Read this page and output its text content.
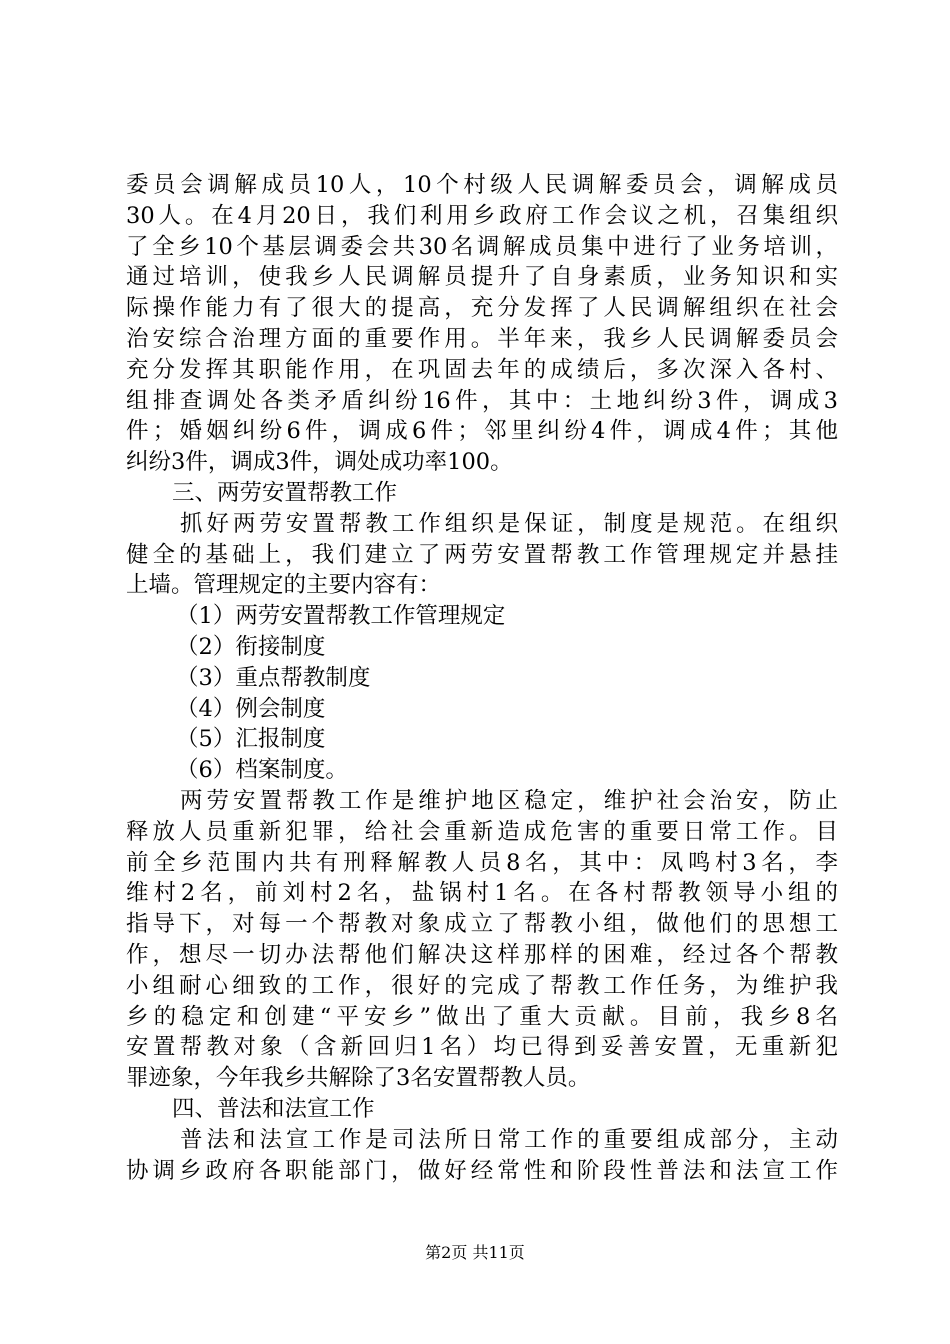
委员会调解成员10人，10个村级人民调解委员会，调解成员
30人。在4月20日，我们利用乡政府工作会议之机，召集组织
了全乡10个基层调委会共30名调解成员集中进行了业务培训，
通过培训，使我乡人民调解员提升了自身素质，业务知识和实
际操作能力有了很大的提高，充分发挥了人民调解组织在社会
治安综合治理方面的重要作用。半年来，我乡人民调解委员会
充分发挥其职能作用，在巩固去年的成绩后，多次深入各村、
组排查调处各类矛盾纠纷16件，其中：土地纠纷3件，调成3
件；婚姻纠纷6件，调成6件；邻里纠纷4件，调成4件；其他
纠纷3件，调成3件，调处成功率100。
三、两劳安置帮教工作
抓好两劳安置帮教工作组织是保证，制度是规范。在组织
健全的基础上，我们建立了两劳安置帮教工作管理规定并悬挂
上墙。管理规定的主要内容有：
（1）两劳安置帮教工作管理规定
（2）衔接制度
（3）重点帮教制度
（4）例会制度
（5）汇报制度
（6）档案制度。
两劳安置帮教工作是维护地区稳定，维护社会治安，防止
释放人员重新犯罪，给社会重新造成危害的重要日常工作。目
前全乡范围内共有刑释解教人员8名，其中：凤鸣村3名，李
维村2名，前刘村2名，盐锅村1名。在各村帮教领导小组的
指导下，对每一个帮教对象成立了帮教小组，做他们的思想工
作，想尽一切办法帮他们解决这样那样的困难，经过各个帮教
小组耐心细致的工作，很好的完成了帮教工作任务，为维护我
乡的稳定和创建“平安乡”做出了重大贡献。目前，我乡8名
安置帮教对象（含新回归1名）均已得到妥善安置，无重新犯
罪迹象，今年我乡共解除了3名安置帮教人员。
四、普法和法宣工作
普法和法宣工作是司法所日常工作的重要组成部分，主动
协调乡政府各职能部门，做好经常性和阶段性普法和法宣工作
第2页 共11页
